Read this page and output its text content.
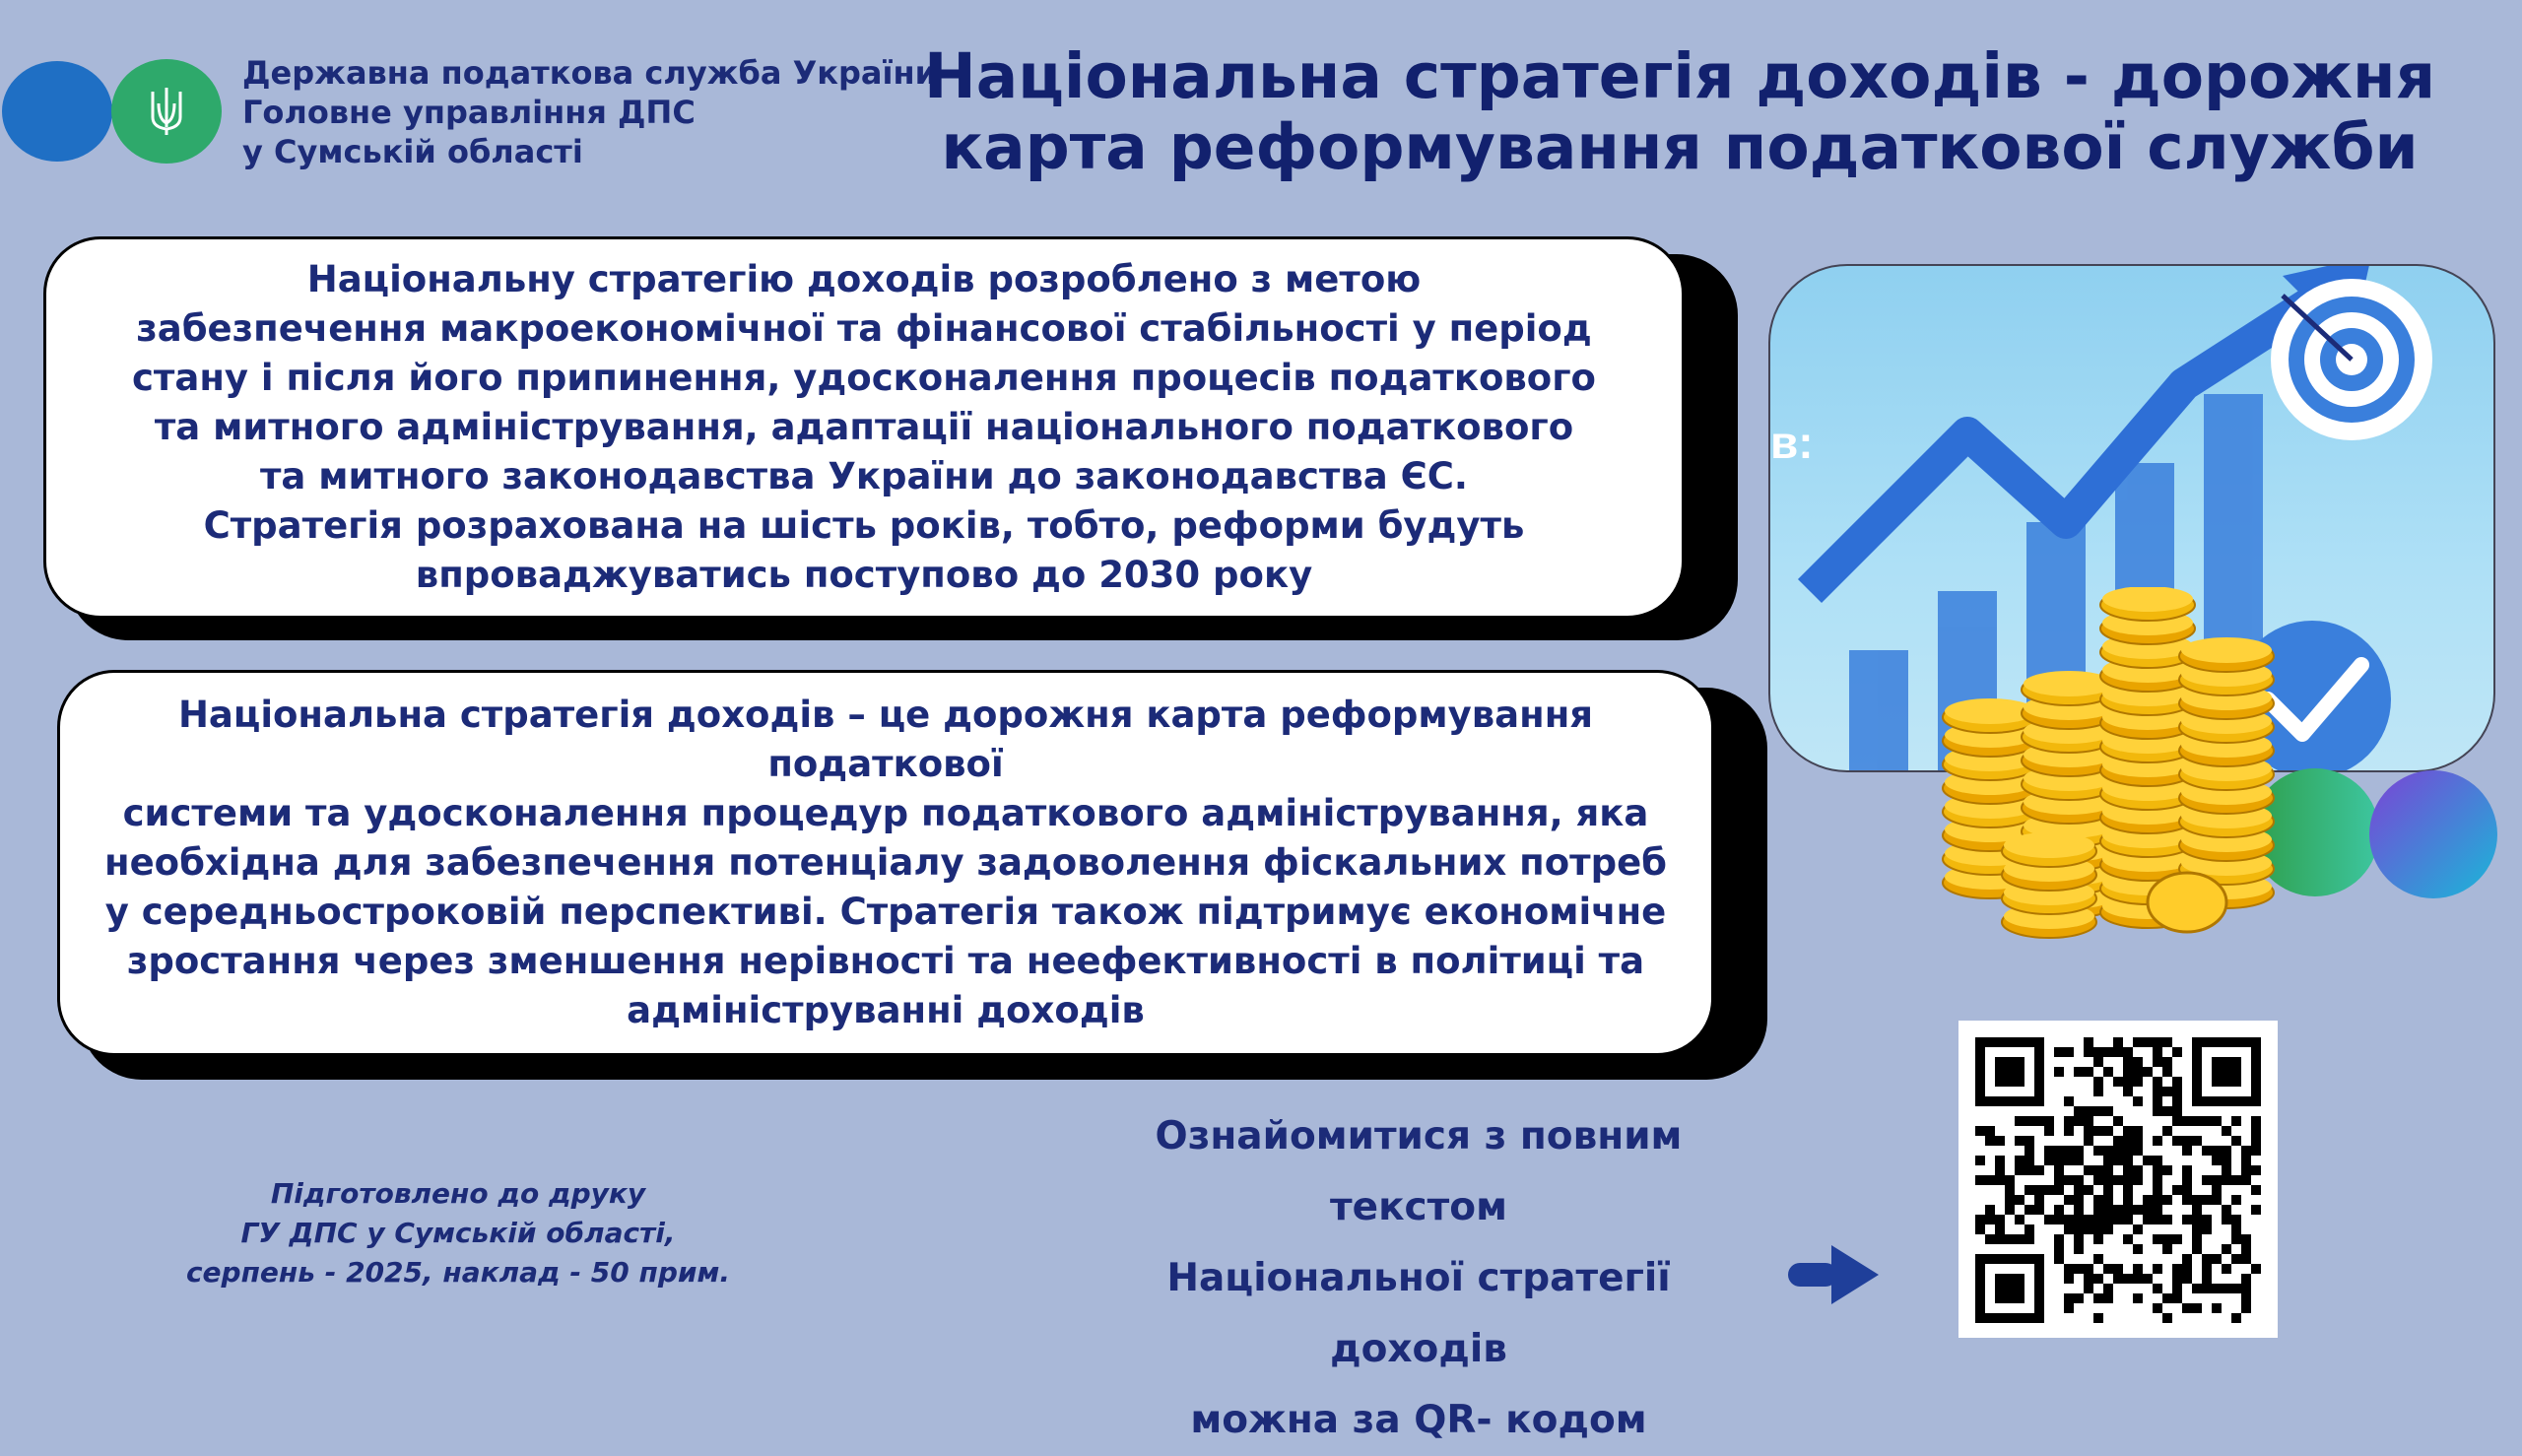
Державна податкова служба України
Головне управління ДПС
у Сумській області
Національна стратегія доходів - дорожня
карта реформування податкової служби

Національну стратегію доходів розроблено з метою
забезпечення макроекономічної та фінансової стабільності у період
стану і після його припинення, удосконалення процесів податкового
та митного адміністрування, адаптації національного податкового
та митного законодавства України до законодавства ЄС.
Стратегія розрахована на шість років, тобто, реформи будуть
впроваджуватись поступово до 2030 року

Національна стратегія доходів – це дорожня карта реформування податкової
системи та удосконалення процедур податкового адміністрування, яка
необхідна для забезпечення потенціалу задоволення фіскальних потреб
у середньостроковій перспективі. Стратегія також підтримує економічне
зростання через зменшення нерівності та неефективності в політиці та
адмініструванні доходів

в:
Підготовлено до друку
ГУ ДПС у Сумській області,
серпень - 2025, наклад - 50 прим.
Ознайомитися з повним текстом
Національної стратегії доходів
можна за QR- кодом
